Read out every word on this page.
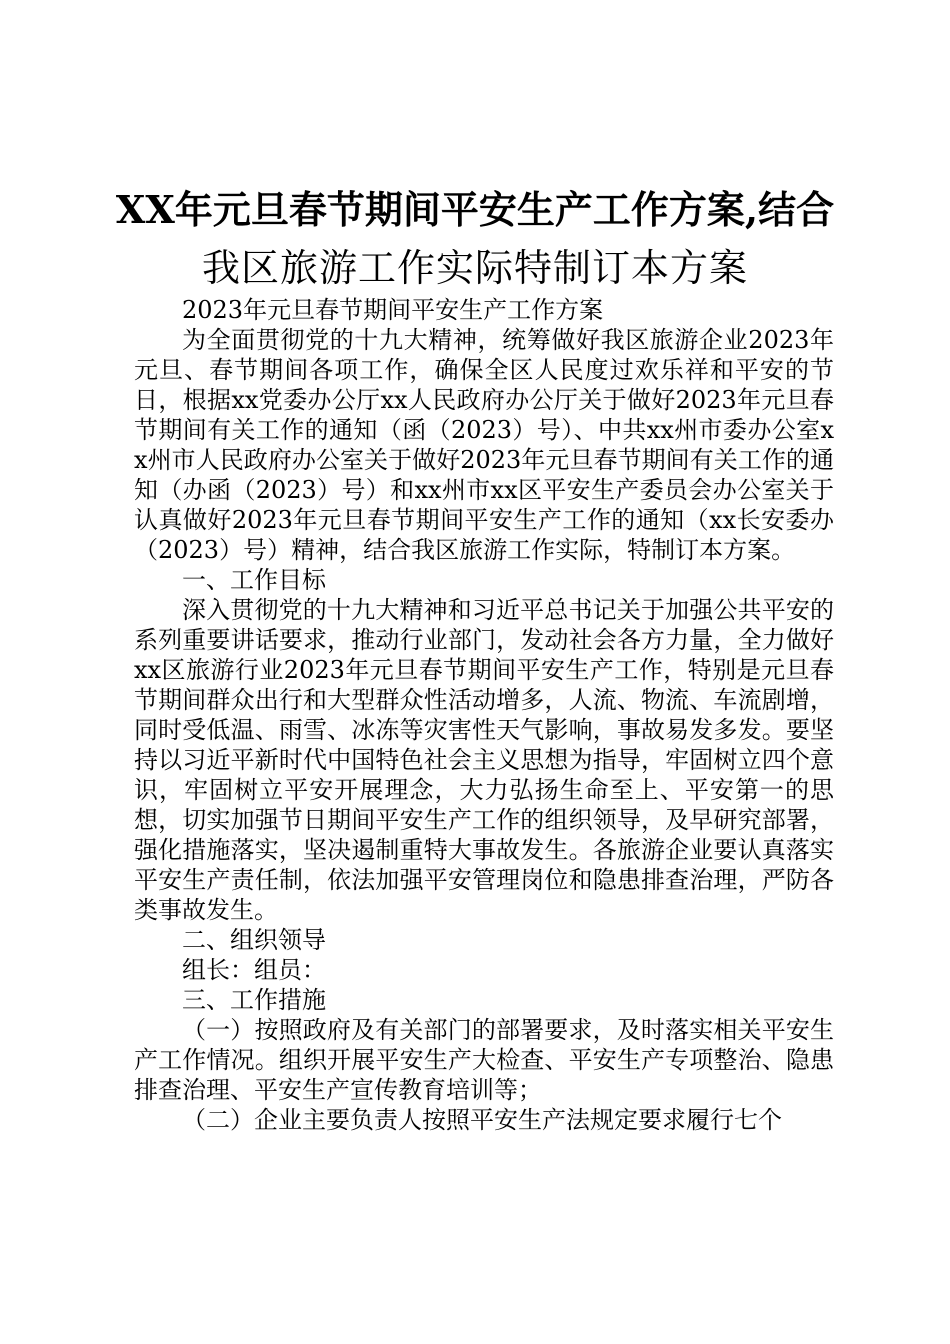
XX年元旦春节期间平安生产工作方案,结合
我区旅游工作实际特制订本方案

2023年元旦春节期间平安生产工作方案

为全面贯彻党的十九大精神，统筹做好我区旅游企业2023年元旦、春节期间各项工作，确保全区人民度过欢乐祥和平安的节日，根据xx党委办公厅xx人民政府办公厅关于做好2023年元旦春节期间有关工作的通知（函（2023）号）、中共xx州市委办公室xx州市人民政府办公室关于做好2023年元旦春节期间有关工作的通知（办函（2023）号）和xx州市xx区平安生产委员会办公室关于认真做好2023年元旦春节期间平安生产工作的通知（xx长安委办（2023）号）精神，结合我区旅游工作实际，特制订本方案。

一、工作目标

深入贯彻党的十九大精神和习近平总书记关于加强公共平安的系列重要讲话要求，推动行业部门，发动社会各方力量，全力做好xx区旅游行业2023年元旦春节期间平安生产工作，特别是元旦春节期间群众出行和大型群众性活动增多，人流、物流、车流剧增，同时受低温、雨雪、冰冻等灾害性天气影响，事故易发多发。要坚持以习近平新时代中国特色社会主义思想为指导，牢固树立四个意识，牢固树立平安开展理念，大力弘扬生命至上、平安第一的思想，切实加强节日期间平安生产工作的组织领导，及早研究部署，强化措施落实，坚决遏制重特大事故发生。各旅游企业要认真落实平安生产责任制，依法加强平安管理岗位和隐患排查治理，严防各类事故发生。

二、组织领导

组长：组员：

三、工作措施

（一）按照政府及有关部门的部署要求，及时落实相关平安生产工作情况。组织开展平安生产大检查、平安生产专项整治、隐患排查治理、平安生产宣传教育培训等；

（二）企业主要负责人按照平安生产法规定要求履行七个
